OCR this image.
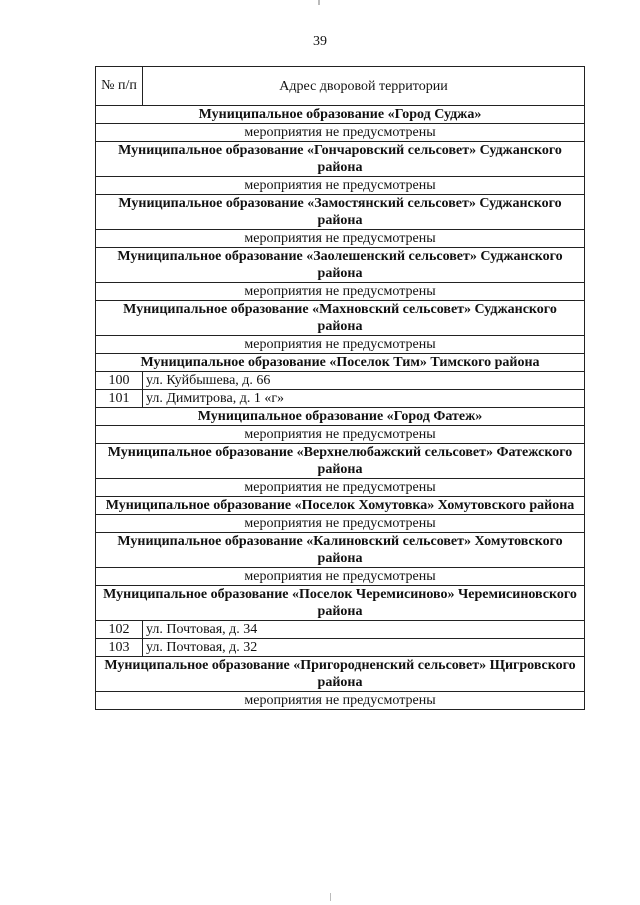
39
№ п/п	Адрес дворовой территории
Муниципальное образование «Город Суджа»	
мероприятия не предусмотрены	
Муниципальное образование «Гончаровский сельсовет» Суджанского района	
мероприятия не предусмотрены	
Муниципальное образование «Замостянский сельсовет» Суджанского района	
мероприятия не предусмотрены	
Муниципальное образование «Заолешенский сельсовет» Суджанского района	
мероприятия не предусмотрены	
Муниципальное образование «Махновский сельсовет» Суджанского района	
мероприятия не предусмотрены	
Муниципальное образование «Поселок Тим» Тимского района	
100	ул. Куйбышева, д. 66
101	ул. Димитрова, д. 1 «г»
Муниципальное образование «Город Фатеж»	
мероприятия не предусмотрены	
Муниципальное образование «Верхнелюбажский сельсовет» Фатежского района	
мероприятия не предусмотрены	
Муниципальное образование «Поселок Хомутовка» Хомутовского района	
мероприятия не предусмотрены	
Муниципальное образование «Калиновский сельсовет» Хомутовского района	
мероприятия не предусмотрены	
Муниципальное образование «Поселок Черемисиново» Черемисиновского района	
102	ул. Почтовая, д. 34
103	ул. Почтовая, д. 32
Муниципальное образование «Пригородненский сельсовет» Щигровского района	
мероприятия не предусмотрены	
